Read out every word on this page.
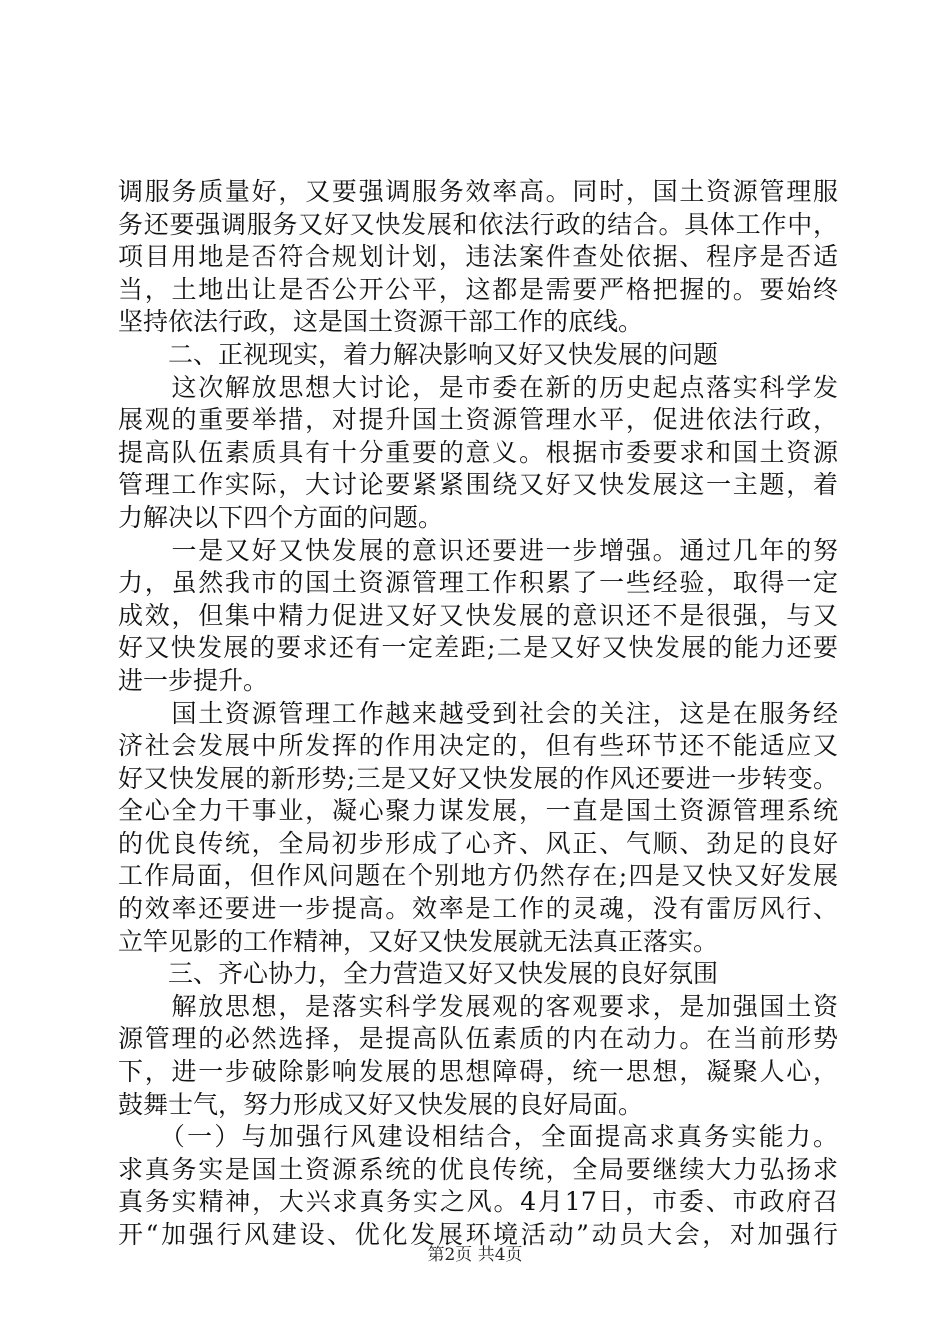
调服务质量好，又要强调服务效率高。同时，国土资源管理服
务还要强调服务又好又快发展和依法行政的结合。具体工作中，
项目用地是否符合规划计划，违法案件查处依据、程序是否适
当，土地出让是否公开公平，这都是需要严格把握的。要始终
坚持依法行政，这是国土资源干部工作的底线。
　　二、正视现实，着力解决影响又好又快发展的问题
　　这次解放思想大讨论，是市委在新的历史起点落实科学发
展观的重要举措，对提升国土资源管理水平，促进依法行政，
提高队伍素质具有十分重要的意义。根据市委要求和国土资源
管理工作实际，大讨论要紧紧围绕又好又快发展这一主题，着
力解决以下四个方面的问题。
　　一是又好又快发展的意识还要进一步增强。通过几年的努
力，虽然我市的国土资源管理工作积累了一些经验，取得一定
成效，但集中精力促进又好又快发展的意识还不是很强，与又
好又快发展的要求还有一定差距;二是又好又快发展的能力还要
进一步提升。
　　国土资源管理工作越来越受到社会的关注，这是在服务经
济社会发展中所发挥的作用决定的，但有些环节还不能适应又
好又快发展的新形势;三是又好又快发展的作风还要进一步转变。
全心全力干事业，凝心聚力谋发展，一直是国土资源管理系统
的优良传统，全局初步形成了心齐、风正、气顺、劲足的良好
工作局面，但作风问题在个别地方仍然存在;四是又快又好发展
的效率还要进一步提高。效率是工作的灵魂，没有雷厉风行、
立竿见影的工作精神，又好又快发展就无法真正落实。
　　三、齐心协力，全力营造又好又快发展的良好氛围
　　解放思想，是落实科学发展观的客观要求，是加强国土资
源管理的必然选择，是提高队伍素质的内在动力。在当前形势
下，进一步破除影响发展的思想障碍，统一思想，凝聚人心，
鼓舞士气，努力形成又好又快发展的良好局面。
　　（一）与加强行风建设相结合，全面提高求真务实能力。
求真务实是国土资源系统的优良传统，全局要继续大力弘扬求
真务实精神，大兴求真务实之风。4月17日，市委、市政府召
开“加强行风建设、优化发展环境活动”动员大会，对加强行
第2页 共4页
